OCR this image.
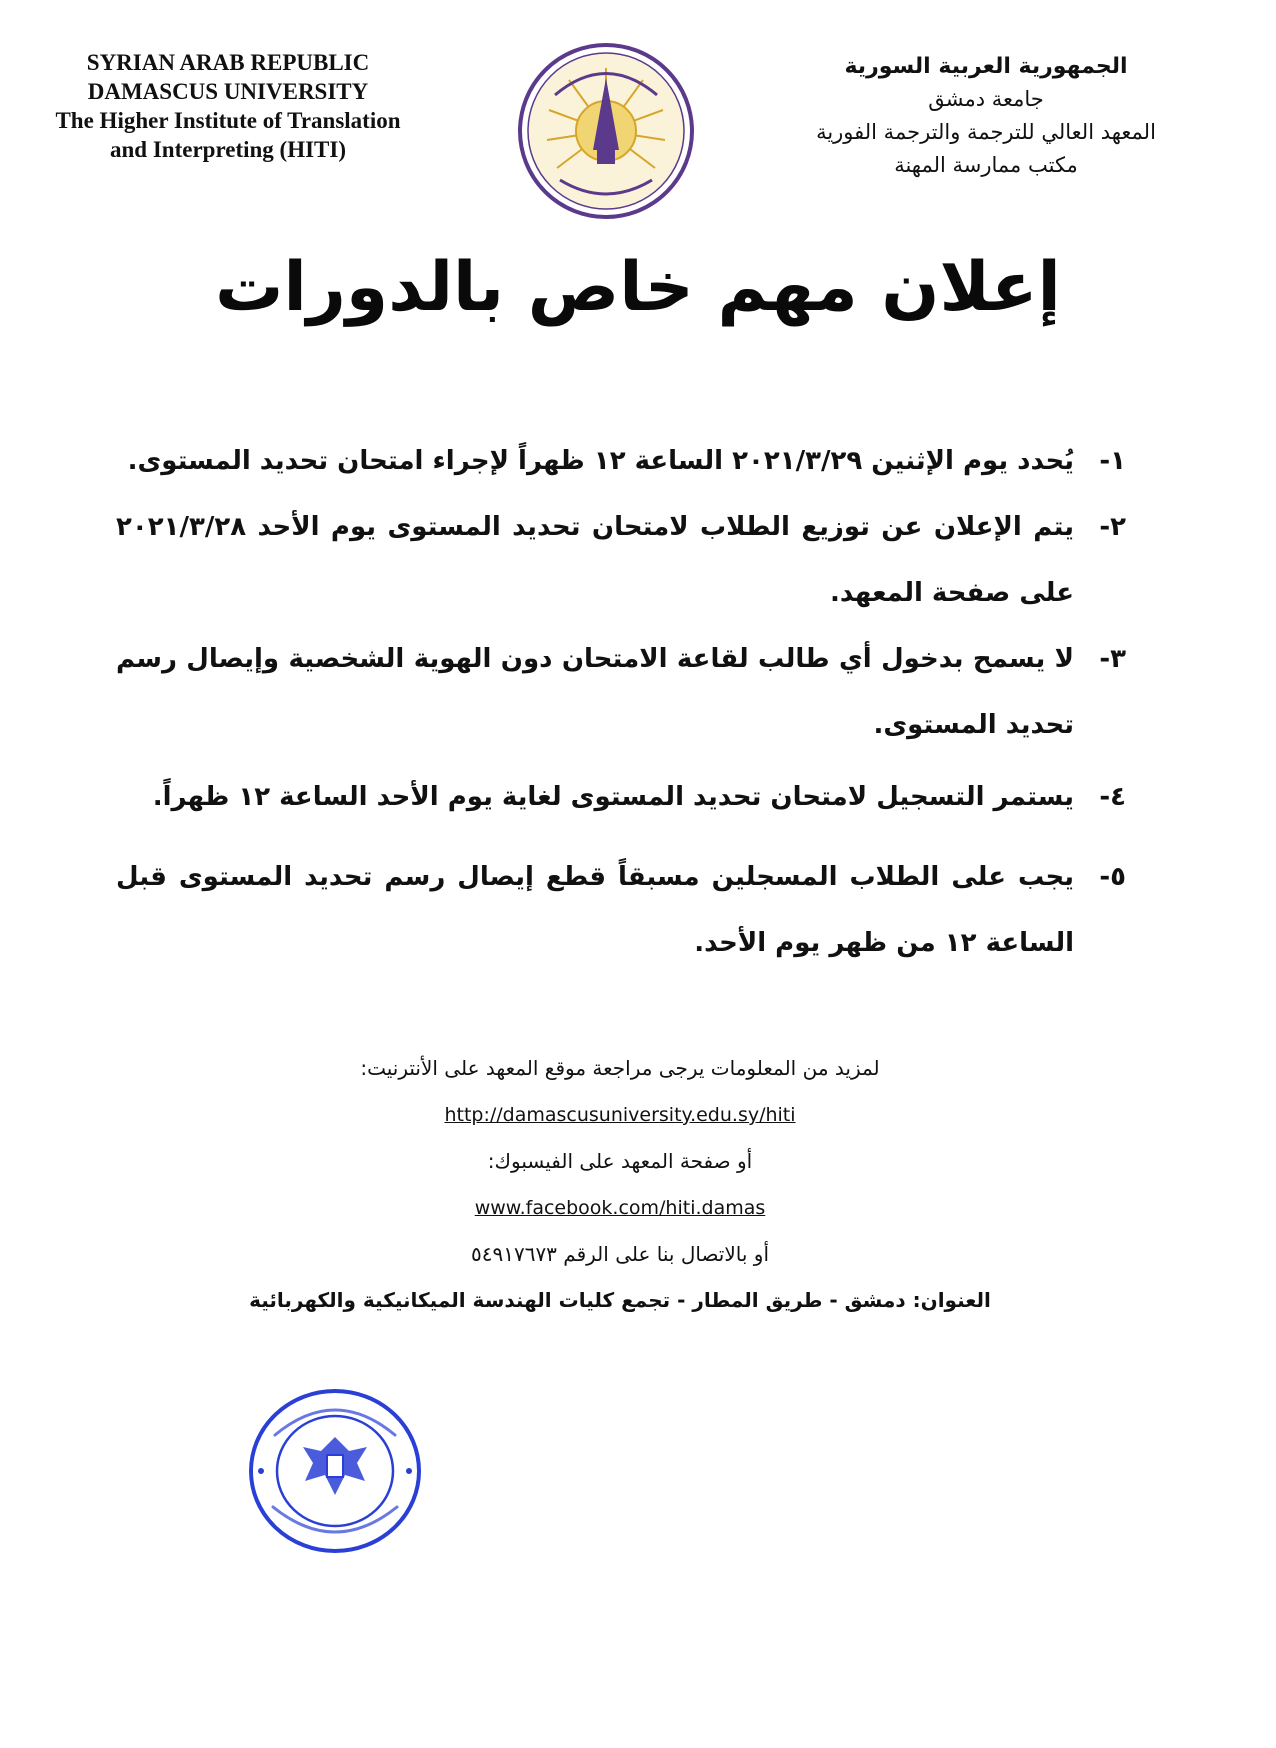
SYRIAN ARAB REPUBLIC
DAMASCUS UNIVERSITY
The Higher Institute of Translation
and Interpreting (HITI)
الجمهورية العربية السورية
جامعة دمشق
المعهد العالي للترجمة والترجمة الفورية
مكتب ممارسة المهنة
إعلان مهم خاص بالدورات
١-
يُحدد يوم الإثنين ٢٠٢١/٣/٢٩ الساعة ١٢ ظهراً لإجراء امتحان تحديد المستوى.
٢-
يتم الإعلان عن توزيع الطلاب لامتحان تحديد المستوى يوم الأحد ٢٠٢١/٣/٢٨ على صفحة المعهد.
٣-
لا يسمح بدخول أي طالب لقاعة الامتحان دون الهوية الشخصية وإيصال رسم تحديد المستوى.
٤-
يستمر التسجيل لامتحان تحديد المستوى لغاية يوم الأحد الساعة ١٢ ظهراً.
٥-
يجب على الطلاب المسجلين مسبقاً قطع إيصال رسم تحديد المستوى قبل الساعة ١٢ من ظهر يوم الأحد.
لمزيد من المعلومات يرجى مراجعة موقع المعهد على الأنترنيت:
http://damascusuniversity.edu.sy/hiti
أو صفحة المعهد على الفيسبوك:
www.facebook.com/hiti.damas
أو بالاتصال بنا على الرقم ٥٤٩١٧٦٧٣
العنوان: دمشق - طريق المطار - تجمع كليات الهندسة الميكانيكية والكهربائية
